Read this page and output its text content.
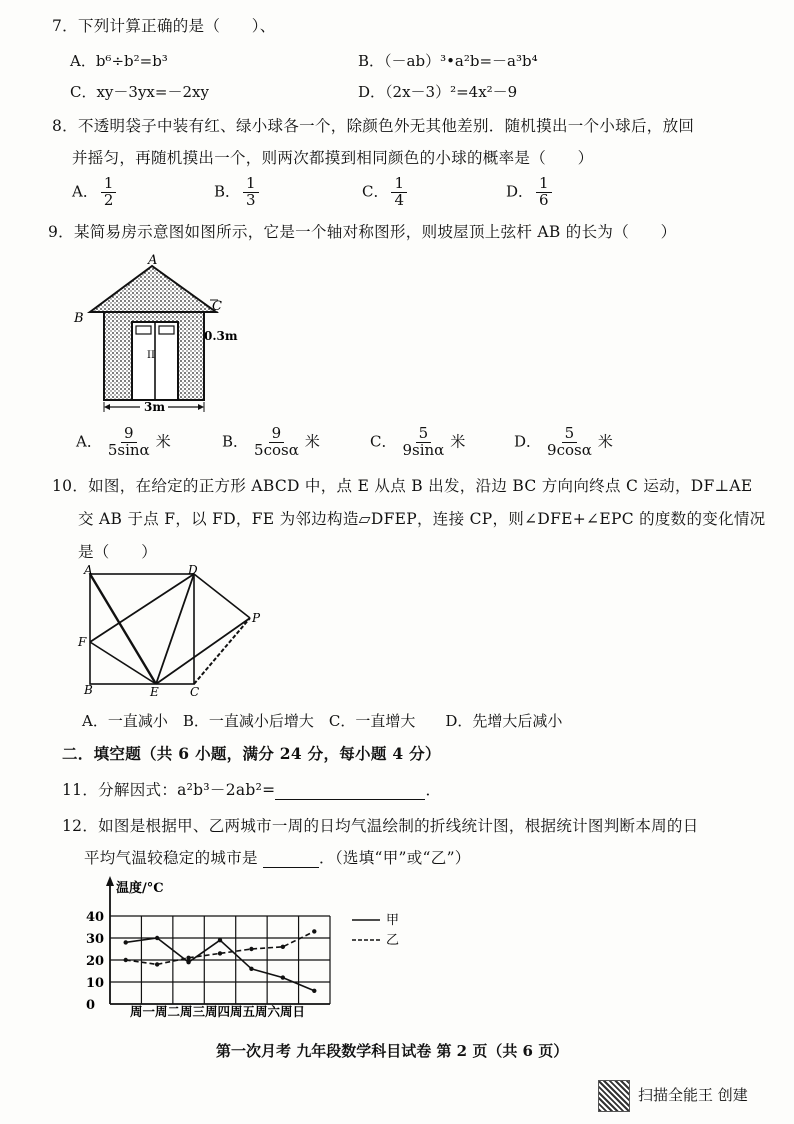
7．下列计算正确的是（　　）、
A．b⁶÷b²=b³	B．（－ab）³•a²b=－a³b⁴
C．xy－3yx=－2xy	D．（2x－3）²=4x²－9
8．不透明袋子中装有红、绿小球各一个，除颜色外无其他差别．随机摸出一个小球后，放回
并摇匀，再随机摸出一个，则两次都摸到相同颜色的小球的概率是（　　）
A． $\frac{1}{2}$	B． $\frac{1}{3}$	C． $\frac{1}{4}$	D． $\frac{1}{6}$
9．某简易房示意图如图所示，它是一个轴对称图形，则坡屋顶上弦杆 AB 的长为（　　）
II
A
B
C
0.3m
3m
A． $\frac{9}{5\sin\alpha}$ 米	B． $\frac{9}{5\cos\alpha}$ 米	C． $\frac{5}{9\sin\alpha}$ 米	D． $\frac{5}{9\cos\alpha}$ 米
10．如图，在给定的正方形 ABCD 中，点 E 从点 B 出发，沿边 BC 方向向终点 C 运动，DF⊥AE
交 AB 于点 F，以 FD，FE 为邻边构造▱DFEP，连接 CP，则∠DFE+∠EPC 的度数的变化情况
是（　　）
A
B	C
D
E
F
P
A．一直减小　B．一直减小后增大　C．一直增大　　D．先增大后减小
二．填空题（共 6 小题，满分 24 分，每小题 4 分）
11．分解因式：a²b³－2ab²=	．
12．如图是根据甲、乙两城市一周的日均气温绘制的折线统计图，根据统计图判断本周的日
平均气温较稳定的城市是	．（选填“甲”或“乙”）
温度/°C
0
10
20
30
40
周一周二周三周四周五周六周日
甲
乙
第一次月考 九年段数学科目试卷 第 2 页（共 6 页）
扫描全能王 创建
